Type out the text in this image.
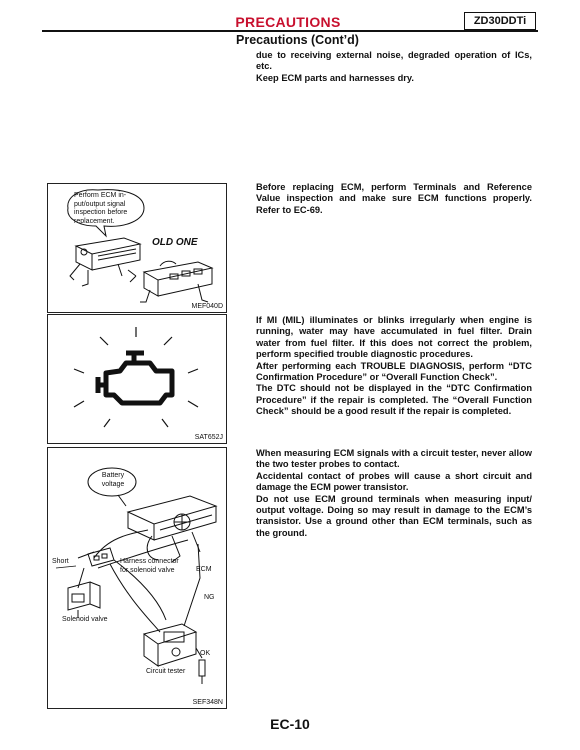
PRECAUTIONS	ZD30DDTi
Precautions (Cont’d)

due to receiving external noise, degraded operation of ICs, etc.

Keep ECM parts and harnesses dry.

Perform ECM in-
put/output signal
inspection before
replacement.
OLD ONE
MEF040D

Before replacing ECM, perform Terminals and Reference Value inspection and make sure ECM functions properly. Refer to EC-69.

SAT652J

If MI (MIL) illuminates or blinks irregularly when engine is running, water may have accumulated in fuel filter. Drain water from fuel filter. If this does not correct the problem, perform specified trouble diagnostic procedures.

After performing each TROUBLE DIAGNOSIS, perform “DTC Confirmation Procedure” or “Overall Function Check”.

The DTC should not be displayed in the “DTC Confirmation Procedure” if the repair is completed. The “Overall Function Check” should be a good result if the repair is completed.

Battery
voltage
Short	Harness connector
for solenoid valve	ECM
NG
Solenoid valve
OK
Circuit tester
SEF348N

When measuring ECM signals with a circuit tester, never allow the two tester probes to contact.

Accidental contact of probes will cause a short circuit and damage the ECM power transistor.

Do not use ECM ground terminals when measuring input/ output voltage. Doing so may result in damage to the ECM’s transistor. Use a ground other than ECM terminals, such as the ground.

EC-10
